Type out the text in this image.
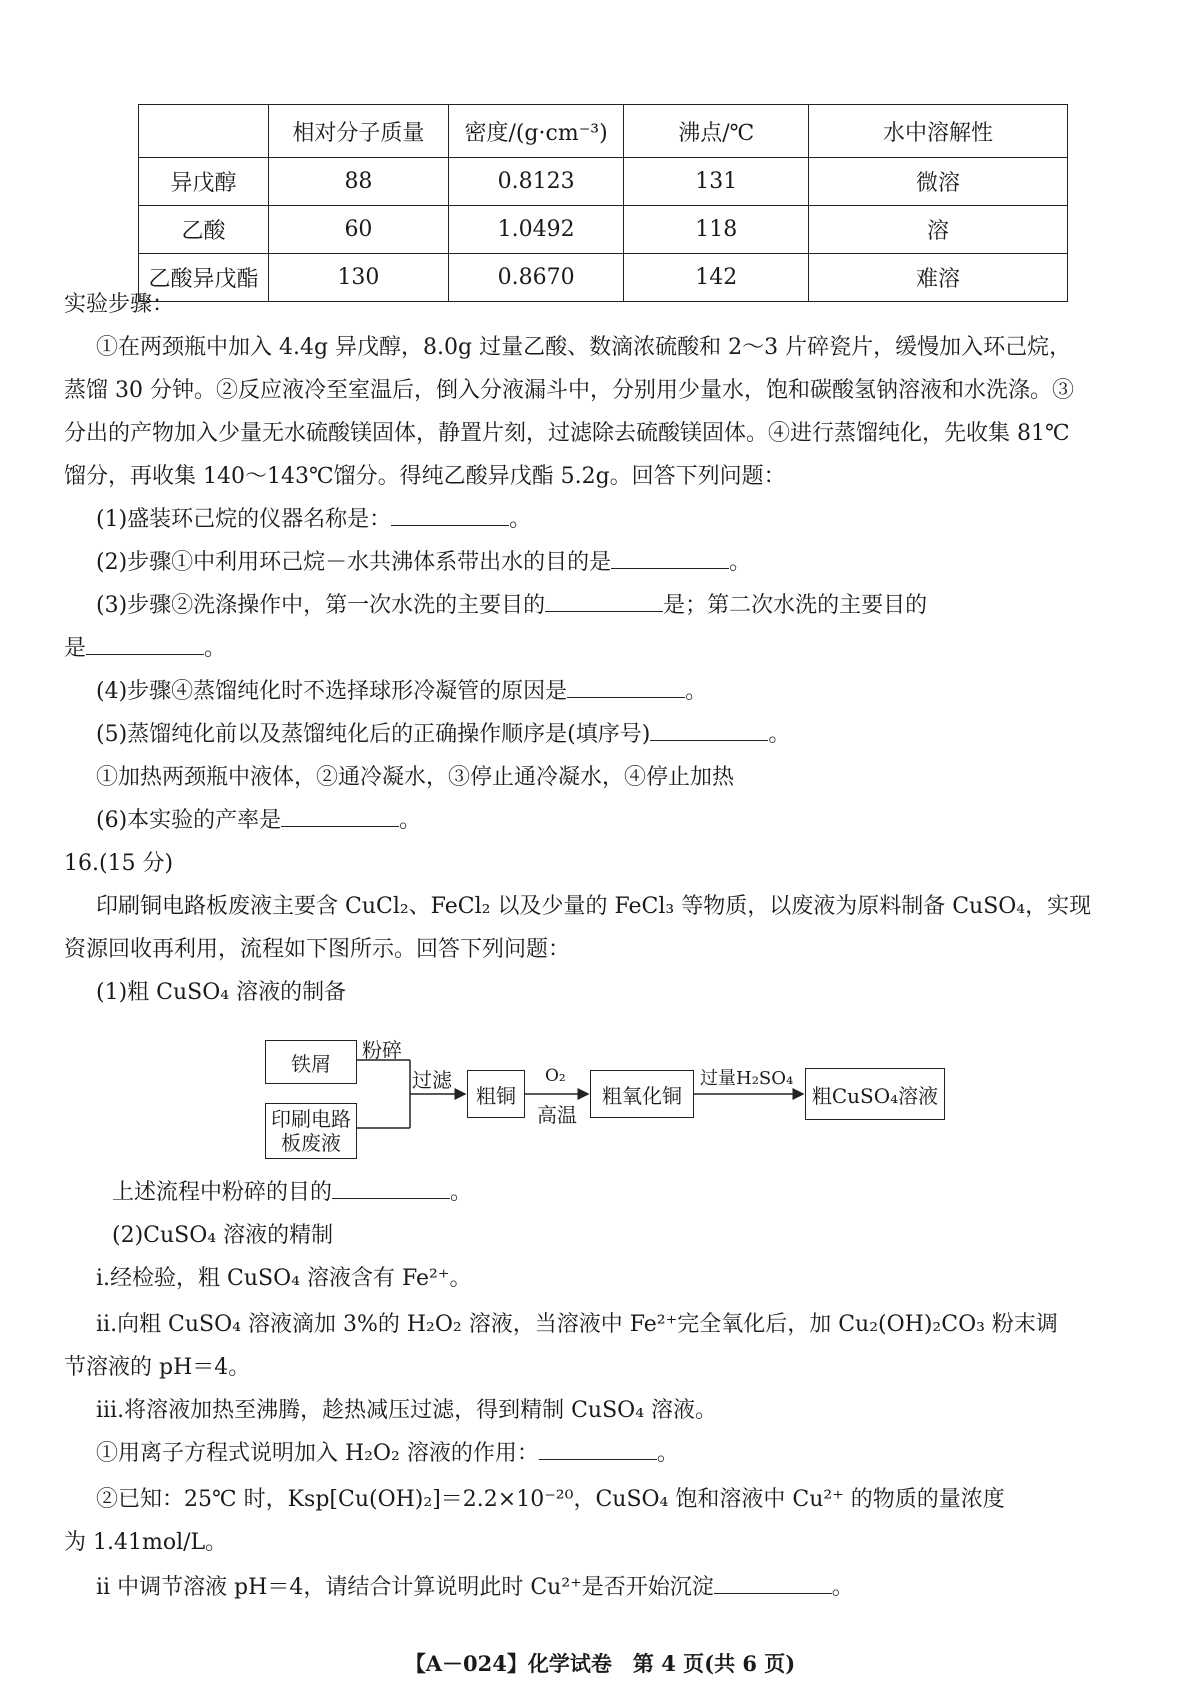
	相对分子质量	密度/(g·cm⁻³)	沸点/℃	水中溶解性
异戊醇	88	0.8123	131	微溶
乙酸	60	1.0492	118	溶
乙酸异戊酯	130	0.8670	142	难溶
实验步骤：
①在两颈瓶中加入 4.4g 异戊醇，8.0g 过量乙酸、数滴浓硫酸和 2～3 片碎瓷片，缓慢加入环己烷，
蒸馏 30 分钟。②反应液冷至室温后，倒入分液漏斗中，分别用少量水，饱和碳酸氢钠溶液和水洗涤。③
分出的产物加入少量无水硫酸镁固体，静置片刻，过滤除去硫酸镁固体。④进行蒸馏纯化，先收集 81℃
馏分，再收集 140～143℃馏分。得纯乙酸异戊酯 5.2g。回答下列问题：
(1)盛装环己烷的仪器名称是：	。
(2)步骤①中利用环己烷－水共沸体系带出水的目的是	。
(3)步骤②洗涤操作中，第一次水洗的主要目的	是；第二次水洗的主要目的
是	。
(4)步骤④蒸馏纯化时不选择球形冷凝管的原因是	。
(5)蒸馏纯化前以及蒸馏纯化后的正确操作顺序是(填序号)	。
①加热两颈瓶中液体，②通冷凝水，③停止通冷凝水，④停止加热
(6)本实验的产率是	。
16.(15 分)
印刷铜电路板废液主要含 CuCl₂、FeCl₂ 以及少量的 FeCl₃ 等物质，以废液为原料制备 CuSO₄，实现
资源回收再利用，流程如下图所示。回答下列问题：
(1)粗 CuSO₄ 溶液的制备
铁屑
粉碎
印刷电路
板废液
过滤
粗铜
O₂
高温
粗氧化铜
过量H₂SO₄
粗CuSO₄溶液
上述流程中粉碎的目的	。
(2)CuSO₄ 溶液的精制
ⅰ.经检验，粗 CuSO₄ 溶液含有 Fe²⁺。
ⅱ.向粗 CuSO₄ 溶液滴加 3%的 H₂O₂ 溶液，当溶液中 Fe²⁺完全氧化后，加 Cu₂(OH)₂CO₃ 粉末调
节溶液的 pH＝4。
ⅲ.将溶液加热至沸腾，趁热减压过滤，得到精制 CuSO₄ 溶液。
①用离子方程式说明加入 H₂O₂ 溶液的作用：	。
②已知：25℃ 时，Ksp[Cu(OH)₂]＝2.2×10⁻²⁰，CuSO₄ 饱和溶液中 Cu²⁺ 的物质的量浓度
为 1.41mol/L。
ⅱ 中调节溶液 pH＝4，请结合计算说明此时 Cu²⁺是否开始沉淀	。
【A－024】化学试卷　第 4 页(共 6 页)
